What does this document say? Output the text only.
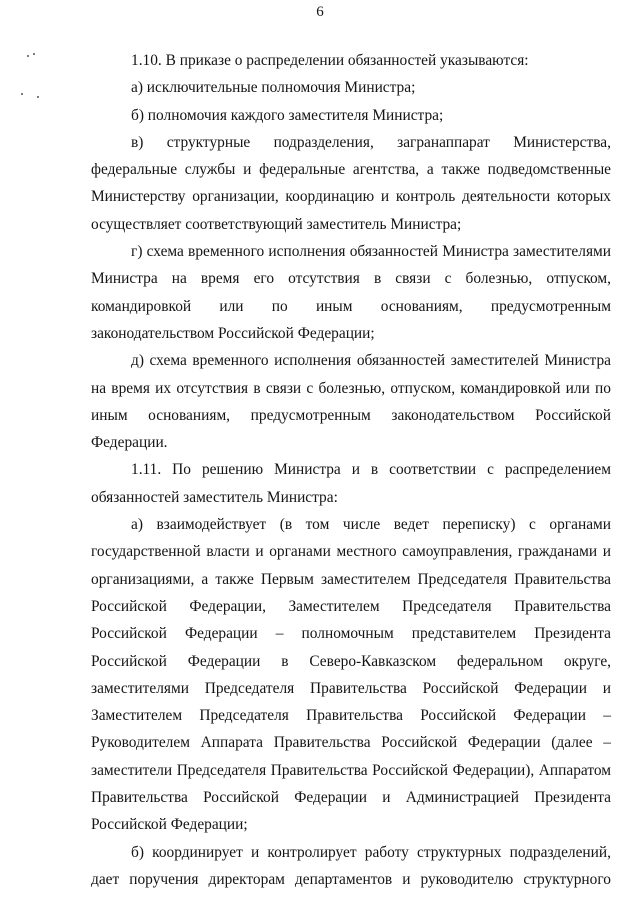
6

1.10. В приказе о распределении обязанностей указываются:

а) исключительные полномочия Министра;

б) полномочия каждого заместителя Министра;

в) структурные подразделения, загранаппарат Министерства, федеральные службы и федеральные агентства, а также подведомственные Министерству организации, координацию и контроль деятельности которых осуществляет соответствующий заместитель Министра;

г) схема временного исполнения обязанностей Министра заместителями Министра на время его отсутствия в связи с болезнью, отпуском, командировкой или по иным основаниям, предусмотренным законодательством Российской Федерации;

д) схема временного исполнения обязанностей заместителей Министра на время их отсутствия в связи с болезнью, отпуском, командировкой или по иным основаниям, предусмотренным законодательством Российской Федерации.

1.11. По решению Министра и в соответствии с распределением обязанностей заместитель Министра:

а) взаимодействует (в том числе ведет переписку) с органами государственной власти и органами местного самоуправления, гражданами и организациями, а также Первым заместителем Председателя Правительства Российской Федерации, Заместителем Председателя Правительства Российской Федерации – полномочным представителем Президента Российской Федерации в Северо-Кавказском федеральном округе, заместителями Председателя Правительства Российской Федерации и Заместителем Председателя Правительства Российской Федерации – Руководителем Аппарата Правительства Российской Федерации (далее – заместители Председателя Правительства Российской Федерации), Аппаратом Правительства Российской Федерации и Администрацией Президента Российской Федерации;

б) координирует и контролирует работу структурных подразделений, дает поручения директорам департаментов и руководителю структурного
